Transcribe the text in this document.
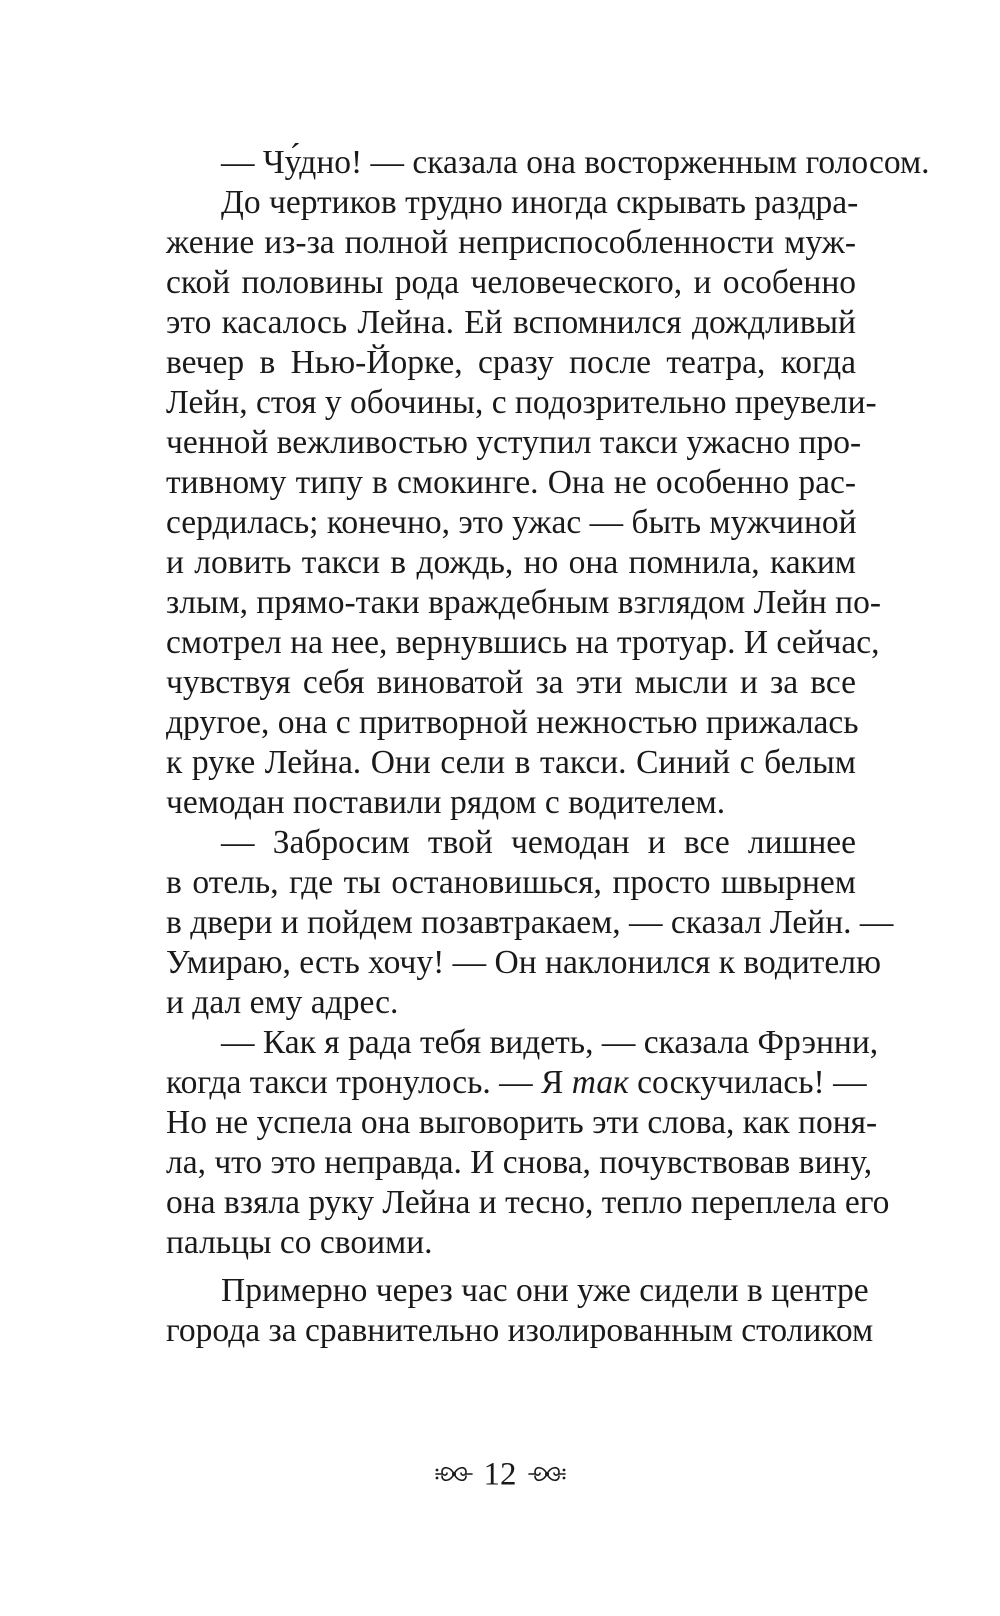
— Чу́дно! — сказала она восторженным голосом.
До чертиков трудно иногда скрывать раздра-
жение из-за полной неприспособленности муж-
ской половины рода человеческого, и особенно
это касалось Лейна. Ей вспомнился дождливый
вечер в Нью-Йорке, сразу после театра, когда
Лейн, стоя у обочины, с подозрительно преувели-
ченной вежливостью уступил такси ужасно про-
тивному типу в смокинге. Она не особенно рас-
сердилась; конечно, это ужас — быть мужчиной
и ловить такси в дождь, но она помнила, каким
злым, прямо-таки враждебным взглядом Лейн по-
смотрел на нее, вернувшись на тротуар. И сейчас,
чувствуя себя виноватой за эти мысли и за все
другое, она с притворной нежностью прижалась
к руке Лейна. Они сели в такси. Синий с белым
чемодан поставили рядом с водителем.
— Забросим твой чемодан и все лишнее
в отель, где ты остановишься, просто швырнем
в двери и пойдем позавтракаем, — сказал Лейн. —
Умираю, есть хочу! — Он наклонился к водителю
и дал ему адрес.
— Как я рада тебя видеть, — сказала Фрэнни,
когда такси тронулось. — Я так соскучилась! —
Но не успела она выговорить эти слова, как поня-
ла, что это неправда. И снова, почувствовав вину,
она взяла руку Лейна и тесно, тепло переплела его
пальцы со своими.
Примерно через час они уже сидели в центре
города за сравнительно изолированным столиком
12
